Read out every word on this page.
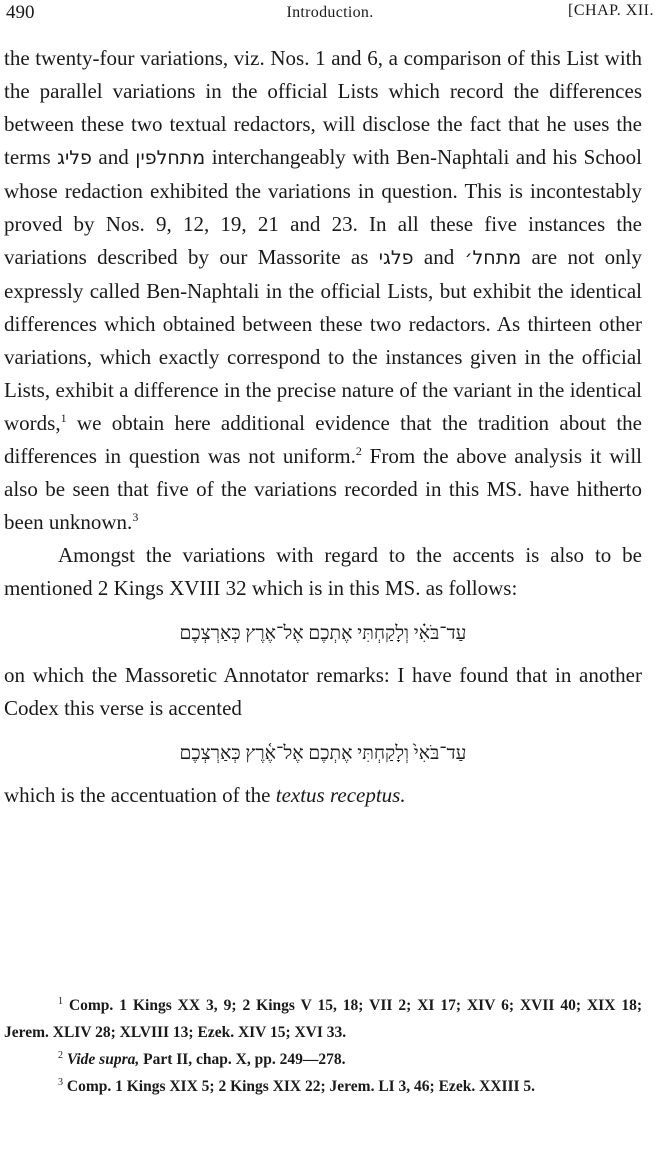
490	Introduction.	[CHAP. XII.

the twenty-four variations, viz. Nos. 1 and 6, a comparison of this List with the parallel variations in the official Lists which record the differences between these two textual redactors, will disclose the fact that he uses the terms פליג and מתחלפין interchangeably with Ben-Naphtali and his School whose redaction exhibited the variations in question. This is incontestably proved by Nos. 9, 12, 19, 21 and 23. In all these five instances the variations described by our Massorite as פלגי and מתחל׳ are not only expressly called Ben-Naphtali in the official Lists, but exhibit the identical differences which obtained between these two redactors. As thirteen other variations, which exactly correspond to the instances given in the official Lists, exhibit a difference in the precise nature of the variant in the identical words,$^1$ we obtain here additional evidence that the tradition about the differences in question was not uniform.$^2$ From the above analysis it will also be seen that five of the variations recorded in this MS. have hitherto been unknown.$^3$

Amongst the variations with regard to the accents is also to be mentioned 2 Kings XVIII 32 which is in this MS. as follows:

עַד־בֹּאִ֗י וְלָקַחְתִּי אֶתְכֶם אֶל־אֶרֶץ כְּאַרְצְכֶם

on which the Massoretic Annotator remarks: I have found that in another Codex this verse is accented

עַד־בֹּאִי֙ וְלָקַחְתִּי אֶתְכֶם אֶל־אֶ֫רֶץ כְּאַרְצְכֶם

which is the accentuation of the textus receptus.

$^1$ Comp. 1 Kings XX 3, 9; 2 Kings V 15, 18; VII 2; XI 17; XIV 6; XVII 40; XIX 18; Jerem. XLIV 28; XLVIII 13; Ezek. XIV 15; XVI 33.

$^2$ Vide supra, Part II, chap. X, pp. 249—278.

$^3$ Comp. 1 Kings XIX 5; 2 Kings XIX 22; Jerem. LI 3, 46; Ezek. XXIII 5.
